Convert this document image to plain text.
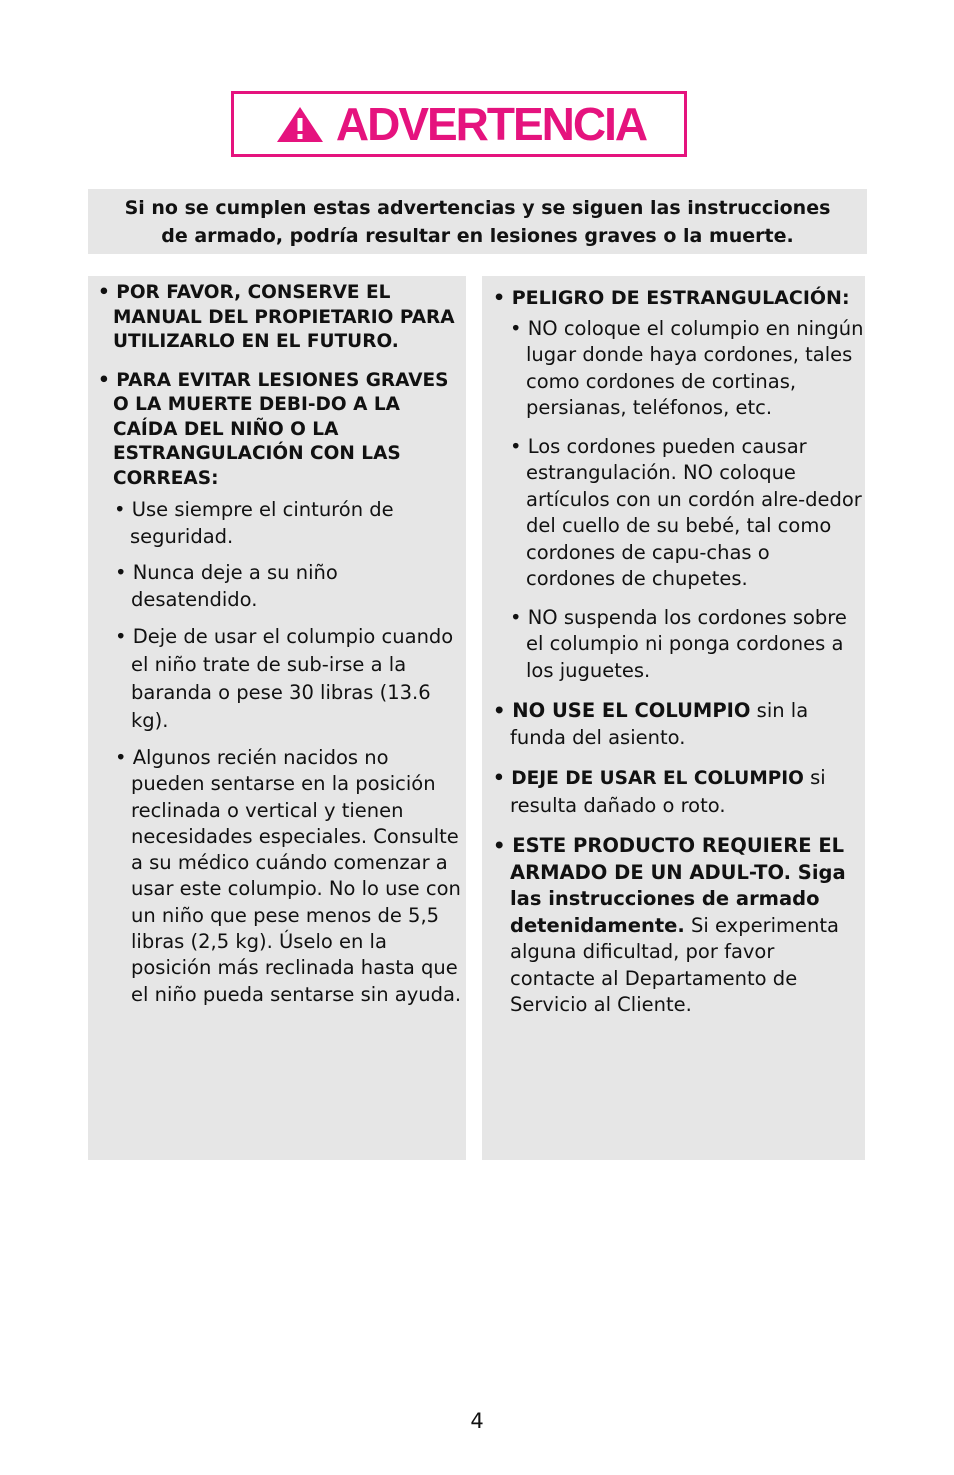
ADVERTENCIA
Si no se cumplen estas advertencias y se siguen las instrucciones
de armado, podría resultar en lesiones graves o la muerte.
• POR FAVOR, CONSERVE EL MANUAL DEL PROPIETARIO PARA UTILIZARLO EN EL FUTURO.
• PARA EVITAR LESIONES GRAVES O LA MUERTE DEBI-DO A LA CAÍDA DEL NIÑO O LA ESTRANGULACIÓN CON LAS CORREAS:
• Use siempre el cinturón de seguridad.
• Nunca deje a su niño desatendido.
• Deje de usar el columpio cuando el niño trate de sub-irse a la baranda o pese 30 libras (13.6 kg).
• Algunos recién nacidos no pueden sentarse en la posición reclinada o vertical y tienen necesidades especiales. Consulte a su médico cuándo comenzar a usar este columpio. No lo use con un niño que pese menos de 5,5 libras (2,5 kg). Úselo en la posición más reclinada hasta que el niño pueda sentarse sin ayuda.
• PELIGRO DE ESTRANGULACIÓN:
• NO coloque el columpio en ningún lugar donde haya cordones, tales como cordones de cortinas, persianas, teléfonos, etc.
• Los cordones pueden causar estrangulación. NO coloque artículos con un cordón alre-dedor del cuello de su bebé, tal como cordones de capu-chas o cordones de chupetes.
• NO suspenda los cordones sobre el columpio ni ponga cordones a los juguetes.
• NO USE EL COLUMPIO sin la funda del asiento.
• DEJE DE USAR EL COLUMPIO si resulta dañado o roto.
• ESTE PRODUCTO REQUIERE EL ARMADO DE UN ADUL-TO. Siga las instrucciones de armado detenidamente. Si experimenta alguna dificultad, por favor contacte al Departamento de Servicio al Cliente.
4
